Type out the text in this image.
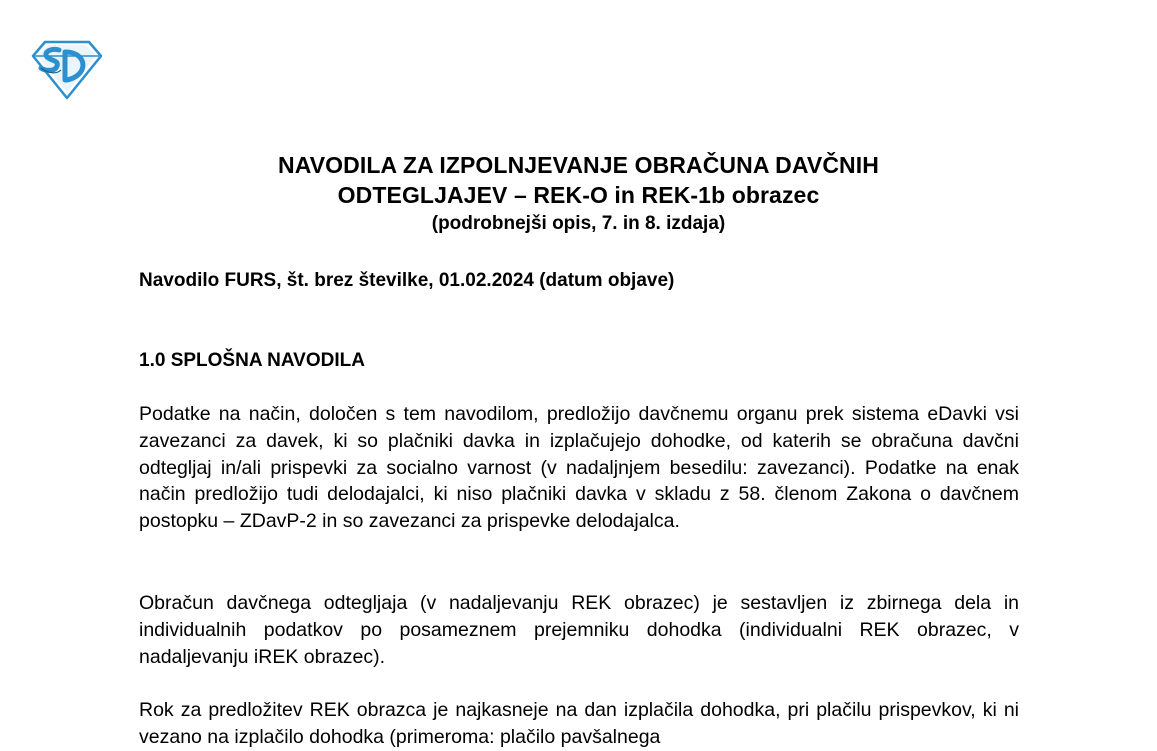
NAVODILA ZA IZPOLNJEVANJE OBRAČUNA DAVČNIH
ODTEGLJAJEV – REK-O in REK-1b obrazec
(podrobnejši opis, 7. in 8. izdaja)
Navodilo FURS, št. brez številke, 01.02.2024 (datum objave)
1.0 SPLOŠNA NAVODILA

Podatke na način, določen s tem navodilom, predložijo davčnemu organu prek sistema eDavki vsi zavezanci za davek, ki so plačniki davka in izplačujejo dohodke, od katerih se obračuna davčni odtegljaj in/ali prispevki za socialno varnost (v nadaljnjem besedilu: zavezanci). Podatke na enak način predložijo tudi delodajalci, ki niso plačniki davka v skladu z 58. členom Zakona o davčnem postopku – ZDavP-2 in so zavezanci za prispevke delodajalca.

Obračun davčnega odtegljaja (v nadaljevanju REK obrazec) je sestavljen iz zbirnega dela in individualnih podatkov po posameznem prejemniku dohodka (individualni REK obrazec, v nadaljevanju iREK obrazec).

Rok za predložitev REK obrazca je najkasneje na dan izplačila dohodka, pri plačilu prispevkov, ki ni vezano na izplačilo dohodka (primeroma: plačilo pavšalnega
